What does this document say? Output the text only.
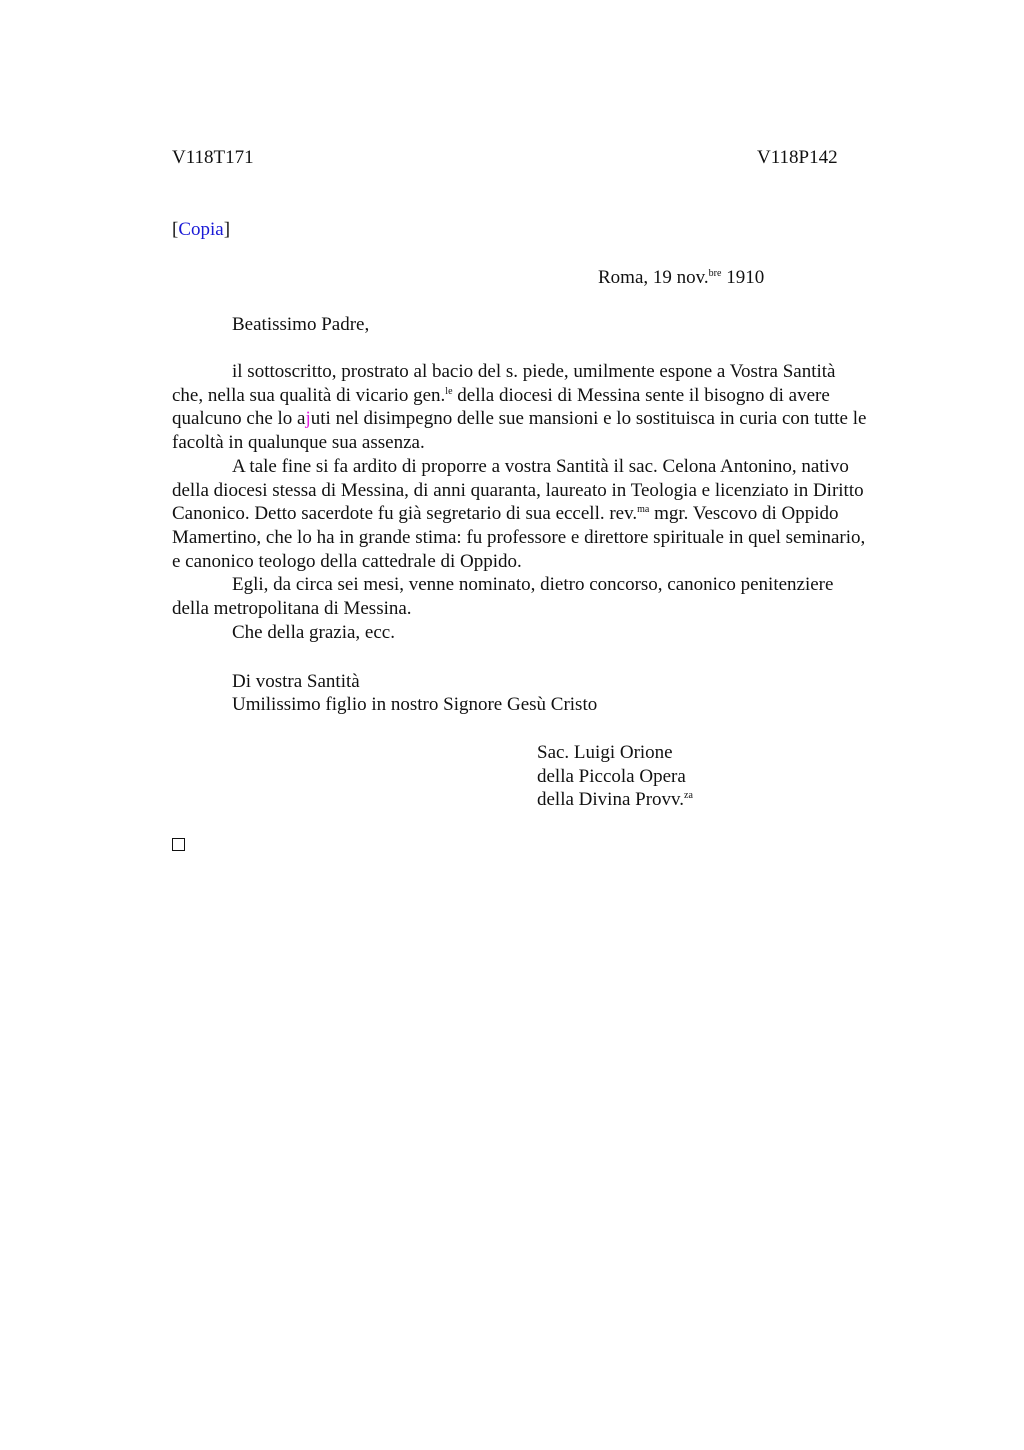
V118T171	V118P142
[Copia]
Roma, 19 nov.$^{bre}$ 1910
Beatissimo Padre,
il sottoscritto, prostrato al bacio del s. piede, umilmente espone a Vostra Santità
che, nella sua qualità di vicario gen.$^{le}$ della diocesi di Messina sente il bisogno di avere
qualcuno che lo ajuti nel disimpegno delle sue mansioni e lo sostituisca in curia con tutte le
facoltà in qualunque sua assenza.
A tale fine si fa ardito di proporre a vostra Santità il sac. Celona Antonino, nativo
della diocesi stessa di Messina, di anni quaranta, laureato in Teologia e licenziato in Diritto
Canonico. Detto sacerdote fu già segretario di sua eccell. rev.$^{ma}$ mgr. Vescovo di Oppido
Mamertino, che lo ha in grande stima: fu professore e direttore spirituale in quel seminario,
e canonico teologo della cattedrale di Oppido.
Egli, da circa sei mesi, venne nominato, dietro concorso, canonico penitenziere
della metropolitana di Messina.
Che della grazia, ecc.
Di vostra Santità
Umilissimo figlio in nostro Signore Gesù Cristo
Sac. Luigi Orione
della Piccola Opera
della Divina Provv.$^{za}$
